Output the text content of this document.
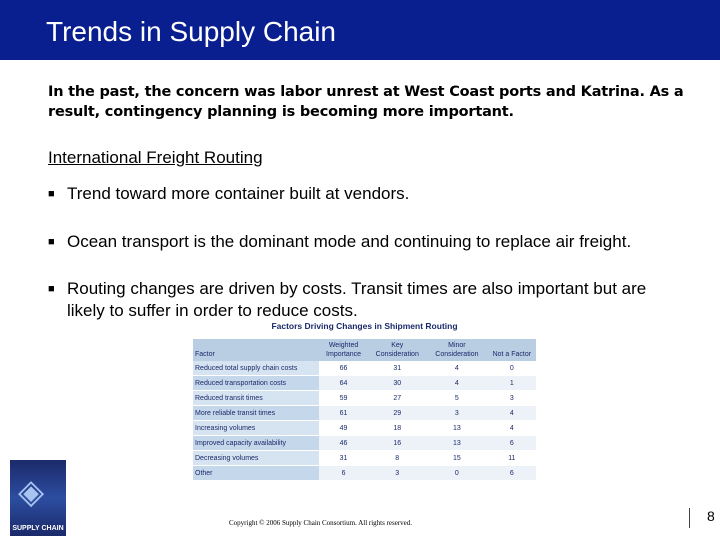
Trends in Supply Chain
In the past, the concern was labor unrest at West Coast ports and Katrina. As a result, contingency planning is becoming more important.
International Freight Routing
■ Trend toward more container built at vendors.
■ Ocean transport is the dominant mode and continuing to replace air freight.
■ Routing changes are driven by costs. Transit times are also important but are likely to suffer in order to reduce costs.
Factors Driving Changes in Shipment Routing
Factor	Weighted Importance	Key Consideration	Minor Consideration	Not a Factor
Reduced total supply chain costs	66	31	4	0
Reduced transportation costs	64	30	4	1
Reduced transit times	59	27	5	3
More reliable transit times	61	29	3	4
Increasing volumes	49	18	13	4
Improved capacity availability	46	16	13	6
Decreasing volumes	31	8	15	11
Other	6	3	0	6
◈
SUPPLY CHAIN
Copyright © 2006 Supply Chain Consortium. All rights reserved.	8
